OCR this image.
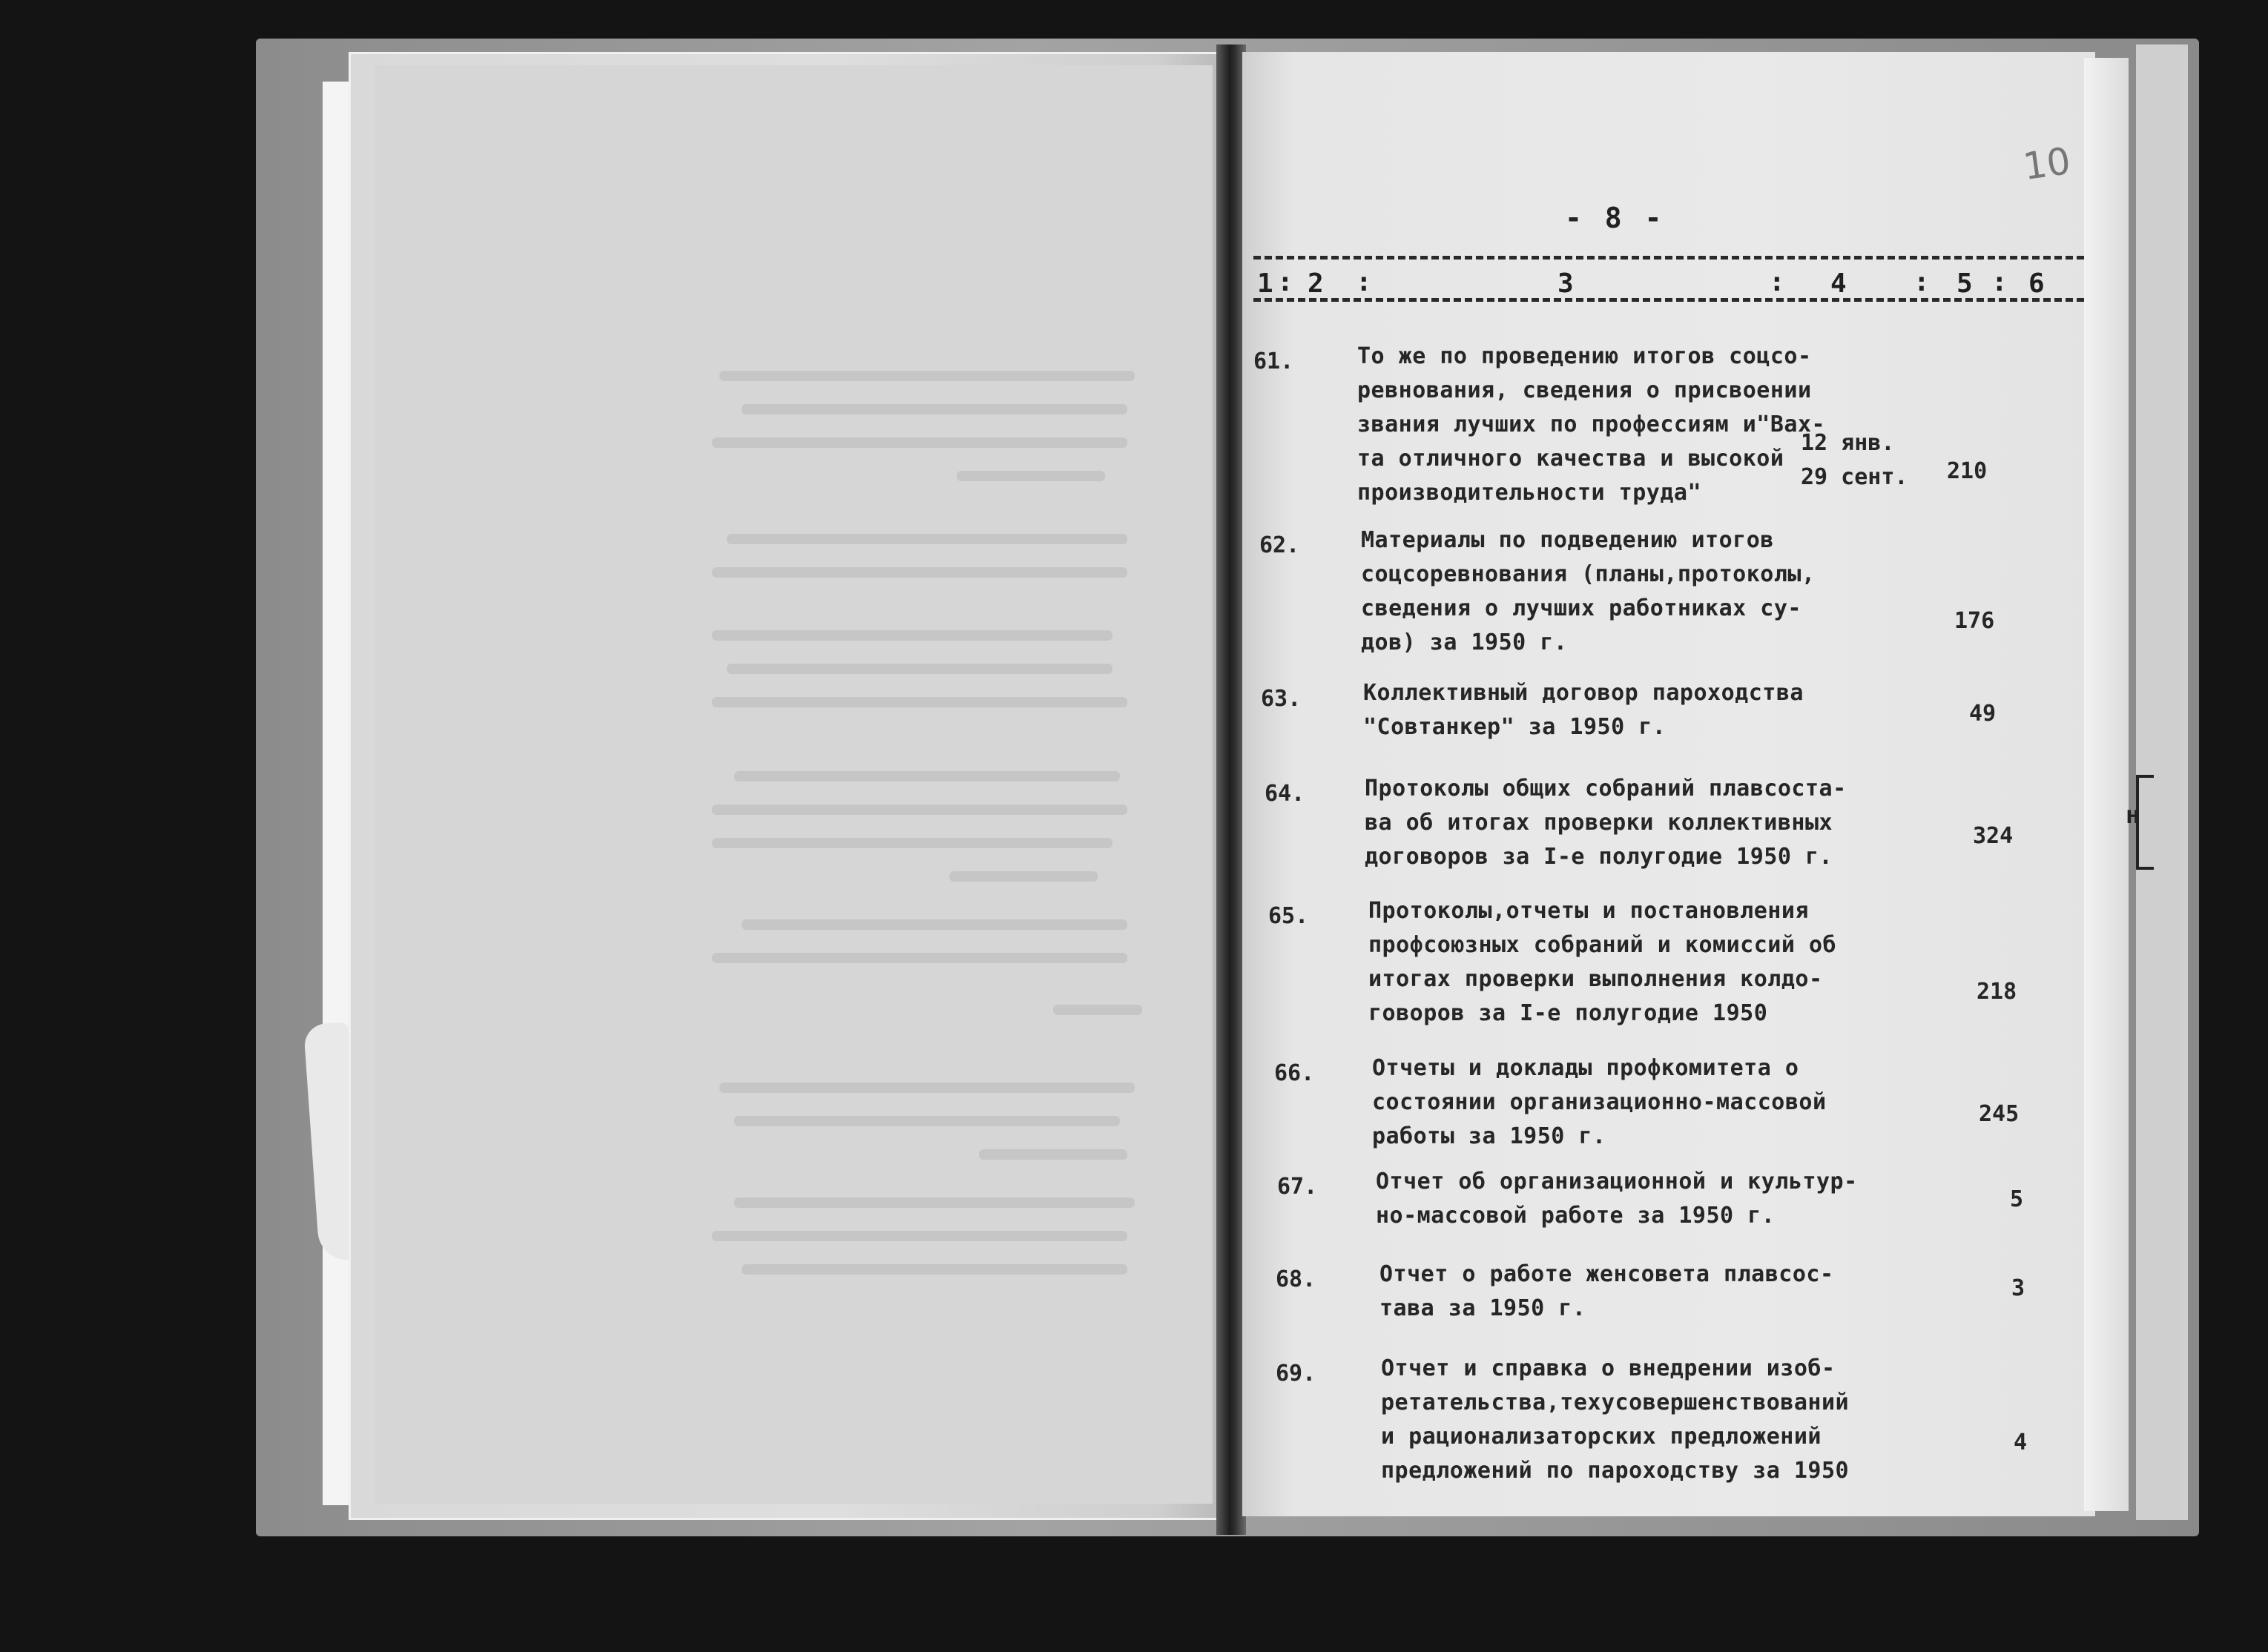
- 8 -
10
1 : 2 :	3	: 4	: 5 : 6
61.	То же по проведению итогов соцсо-
ревнования, сведения о присвоении
звания лучших по профессиям и"Вах-
та отличного качества и высокой
производительности труда"
12 янв.
29 сент. 210
62.	Материалы по подведению итогов
соцсоревнования (планы,протоколы,
сведения о лучших работниках су-
дов) за 1950 г.
176
63.	Коллективный договор пароходства
"Совтанкер" за 1950 г.
49
64.	Протоколы общих собраний плавсоста-
ва об итогах проверки коллективных
договоров за I-е полугодие 1950 г.
324
65.	Протоколы,отчеты и постановления
профсоюзных собраний и комиссий об
итогах проверки выполнения колдо-
говоров за I-е полугодие 1950
218
66.	Отчеты и доклады профкомитета о
состоянии организационно-массовой
работы за 1950 г.
245
67.	Отчет об организационной и культур-
но-массовой работе за 1950 г.
5
68.	Отчет о работе женсовета плавсос-
тава за 1950 г.
3
69.	Отчет и справка о внедрении изоб-
ретательства,техусовершенствований
и рационализаторских предложений
предложений по пароходству за 1950
4
н
